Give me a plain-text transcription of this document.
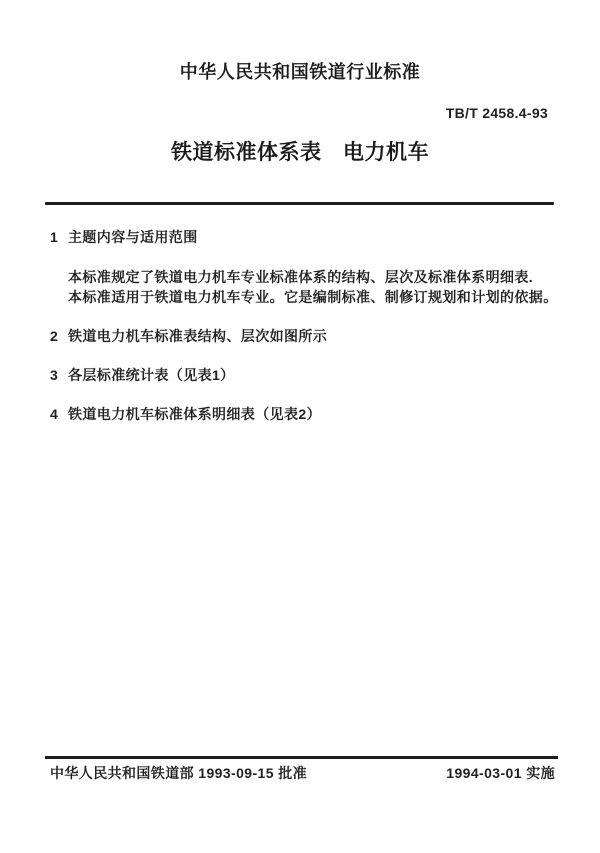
中华人民共和国铁道行业标准
TB/T 2458.4-93
铁道标准体系表　电力机车
1 主题内容与适用范围
本标准规定了铁道电力机车专业标准体系的结构、层次及标准体系明细表.
本标准适用于铁道电力机车专业。它是编制标准、制修订规划和计划的依据。
2 铁道电力机车标准表结构、层次如图所示
3 各层标准统计表（见表1）
4 铁道电力机车标准体系明细表（见表2）
中华人民共和国铁道部 1993-09-15 批准	1994-03-01 实施
